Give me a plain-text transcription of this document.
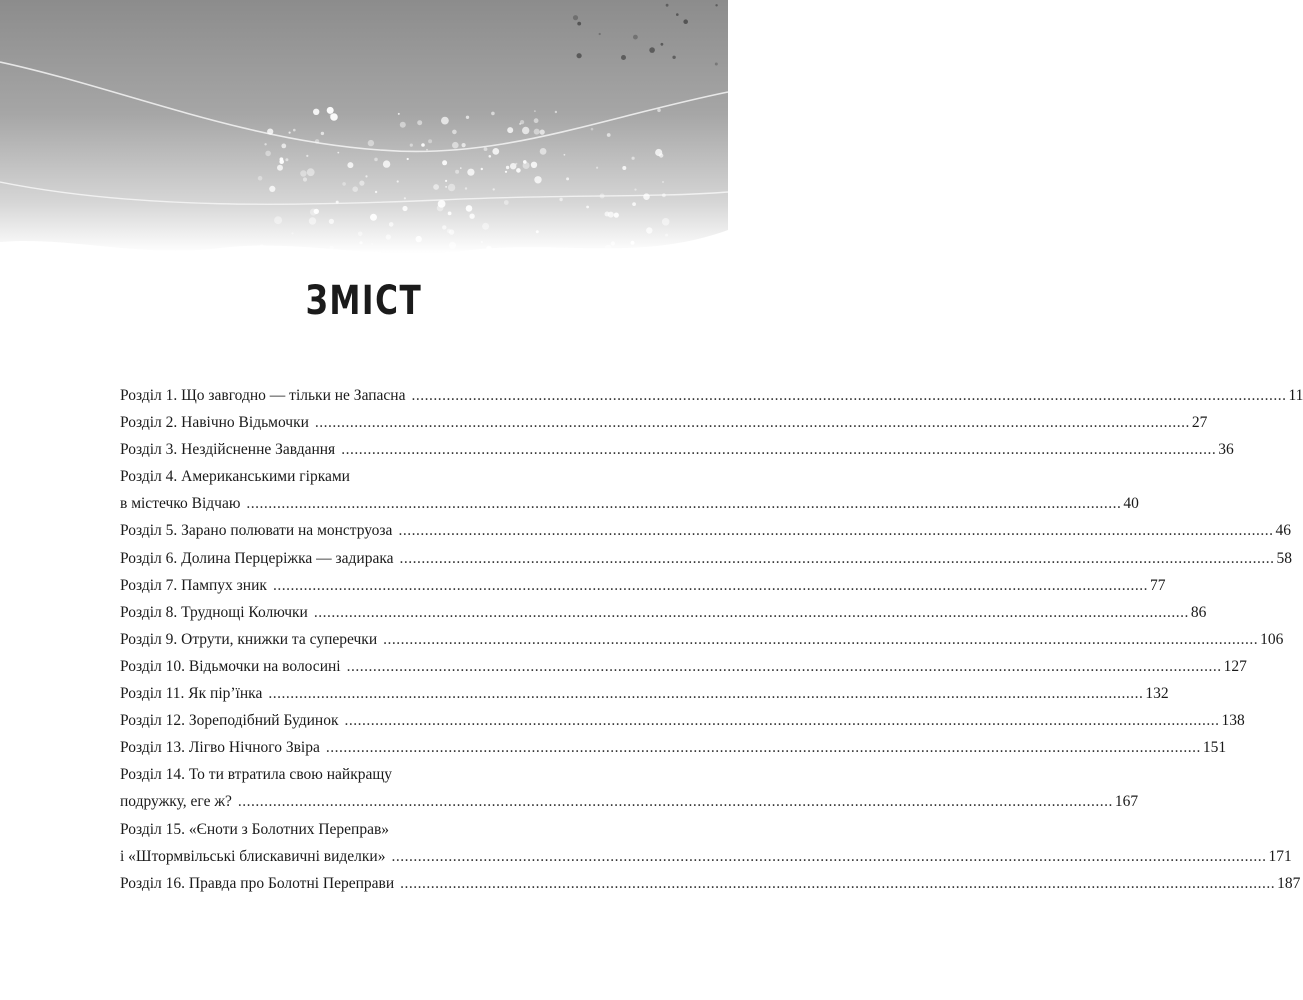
ЗМІСТ
Розділ 1. Що завгодно — тільки не Запасна ........................................................................................................................................................................................................ 11
Розділ 2. Навічно Відьмочки ........................................................................................................................................................................................................ 27
Розділ 3. Нездійсненне Завдання ........................................................................................................................................................................................................ 36
Розділ 4. Американськими гірками
в містечко Відчаю ........................................................................................................................................................................................................ 40
Розділ 5. Зарано полювати на монструоза ........................................................................................................................................................................................................ 46
Розділ 6. Долина Перцеріжка — задирака ........................................................................................................................................................................................................ 58
Розділ 7. Пампух зник ........................................................................................................................................................................................................ 77
Розділ 8. Труднощі Колючки ........................................................................................................................................................................................................ 86
Розділ 9. Отрути, книжки та суперечки ........................................................................................................................................................................................................ 106
Розділ 10. Відьмочки на волосині ........................................................................................................................................................................................................ 127
Розділ 11. Як пір’їнка ........................................................................................................................................................................................................ 132
Розділ 12. Зореподібний Будинок ........................................................................................................................................................................................................ 138
Розділ 13. Лігво Нічного Звіра ........................................................................................................................................................................................................ 151
Розділ 14. То ти втратила свою найкращу
подружку, еге ж? ........................................................................................................................................................................................................ 167
Розділ 15. «Єноти з Болотних Переправ»
і «Штормвільські блискавичні виделки» ........................................................................................................................................................................................................ 171
Розділ 16. Правда про Болотні Переправи ........................................................................................................................................................................................................ 187
